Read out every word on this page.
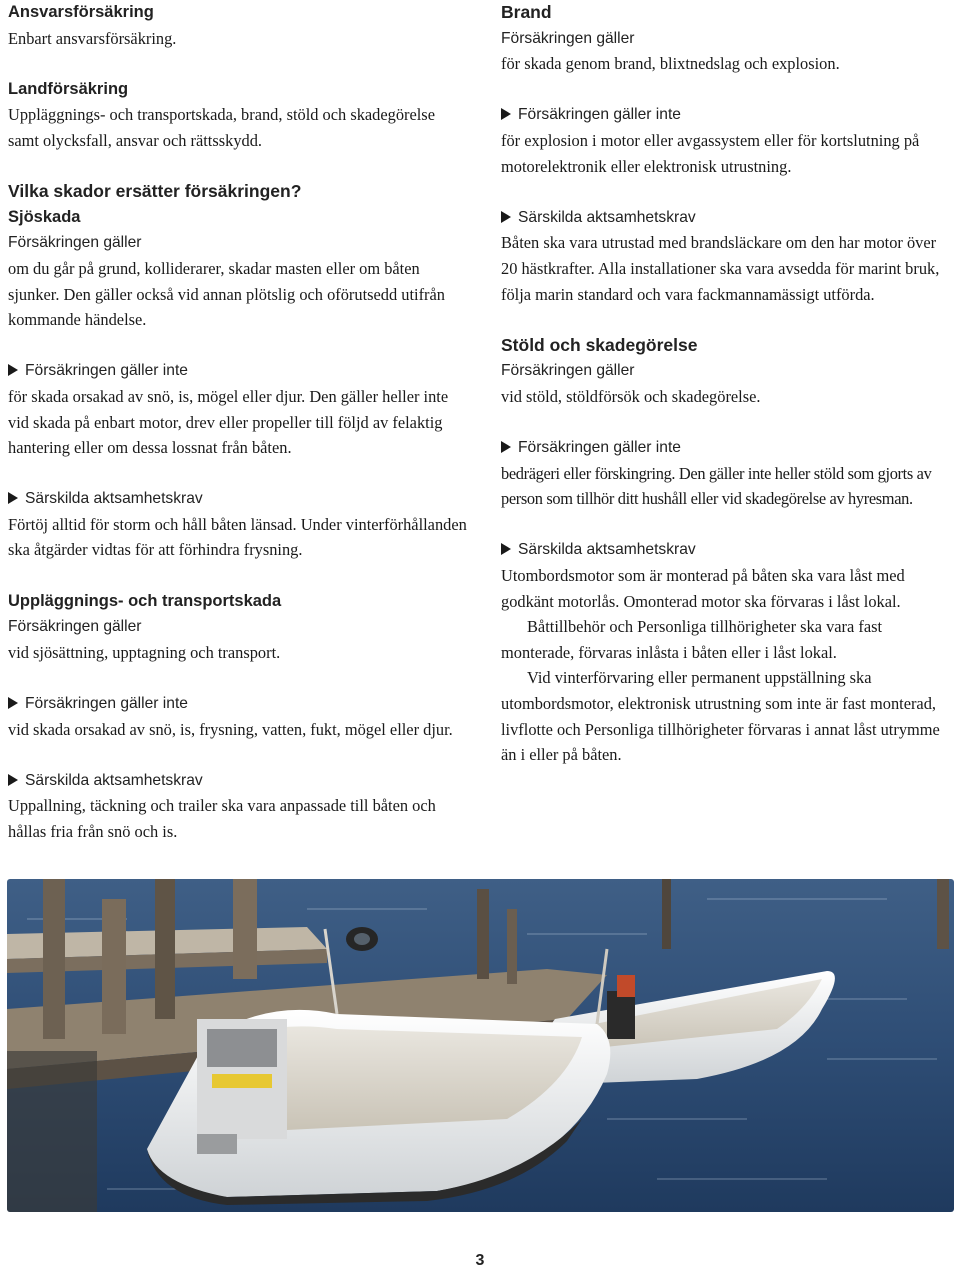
Ansvarsförsäkring
Enbart ansvarsförsäkring.
Landförsäkring
Uppläggnings- och transportskada, brand, stöld och skadegörelse samt olycksfall, ansvar och rättsskydd.
Vilka skador ersätter försäkringen?
Sjöskada
Försäkringen gäller
om du går på grund, kolliderarer, skadar masten eller om båten sjunker. Den gäller också vid annan plötslig och oförutsedd utifrån kommande händelse.
Försäkringen gäller inte
för skada orsakad av snö, is, mögel eller djur. Den gäller heller inte vid skada på enbart motor, drev eller propeller till följd av felaktig hantering eller om dessa lossnat från båten.
Särskilda aktsamhetskrav
Förtöj alltid för storm och håll båten länsad. Under vinterförhållanden ska åtgärder vidtas för att förhindra frysning.
Uppläggnings- och transportskada
Försäkringen gäller
vid sjösättning, upptagning och transport.
Försäkringen gäller inte
vid skada orsakad av snö, is, frysning, vatten, fukt, mögel eller djur.
Särskilda aktsamhetskrav
Uppallning, täckning och trailer ska vara anpassade till båten och hållas fria från snö och is.
Brand
Försäkringen gäller
för skada genom brand, blixtnedslag och explosion.
Försäkringen gäller inte
för explosion i motor eller avgassystem eller för kortslutning på motorelektronik eller elektronisk utrustning.
Särskilda aktsamhetskrav
Båten ska vara utrustad med brandsläckare om den har motor över 20 hästkrafter. Alla installationer ska vara avsedda för marint bruk, följa marin standard och vara fackmannamässigt utförda.
Stöld och skadegörelse
Försäkringen gäller
vid stöld, stöldförsök och skadegörelse.
Försäkringen gäller inte
bedrägeri eller förskingring. Den gäller inte heller stöld som gjorts av person som tillhör ditt hushåll eller vid skadegörelse av hyresman.
Särskilda aktsamhetskrav
Utombordsmotor som är monterad på båten ska vara låst med godkänt motorlås. Omonterad motor ska förvaras i låst lokal.
Båttillbehör och Personliga tillhörigheter ska vara fast monterade, förvaras inlåsta i båten eller i låst lokal.
Vid vinterförvaring eller permanent uppställning ska utombordsmotor, elektronisk utrustning som inte är fast monterad, livflotte och Personliga tillhörigheter förvaras i annat låst utrymme än i eller på båten.
3
